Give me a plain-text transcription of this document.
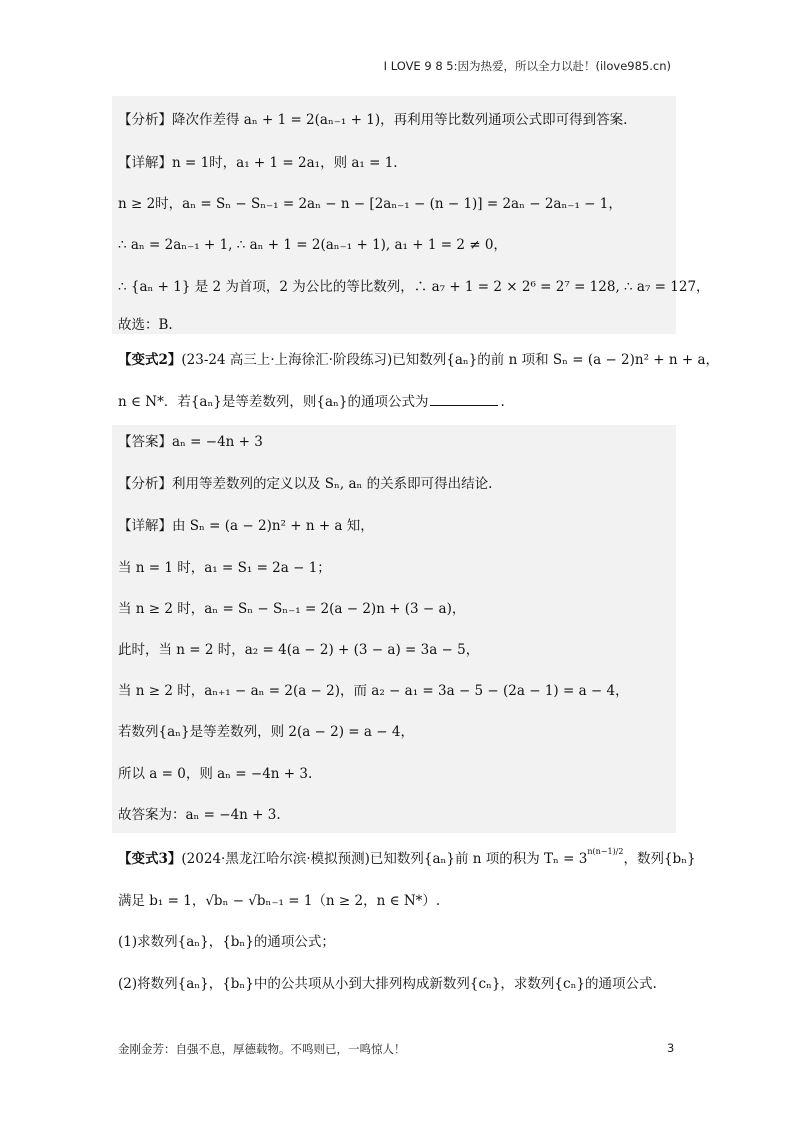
I LOVE 9 8 5:因为热爱，所以全力以赴！(ilove985.cn)
【分析】降次作差得 aₙ + 1 = 2(aₙ₋₁ + 1)，再利用等比数列通项公式即可得到答案.
【详解】n = 1时，a₁ + 1 = 2a₁，则 a₁ = 1.
n ≥ 2时，aₙ = Sₙ − Sₙ₋₁ = 2aₙ − n − [2aₙ₋₁ − (n − 1)] = 2aₙ − 2aₙ₋₁ − 1，
∴ aₙ = 2aₙ₋₁ + 1, ∴ aₙ + 1 = 2(aₙ₋₁ + 1), a₁ + 1 = 2 ≠ 0，
∴ {aₙ + 1} 是 2 为首项，2 为公比的等比数列，∴ a₇ + 1 = 2 × 2⁶ = 2⁷ = 128, ∴ a₇ = 127，
故选：B.
【变式2】(23-24 高三上·上海徐汇·阶段练习)已知数列{aₙ}的前 n 项和 Sₙ = (a − 2)n² + n + a，
n ∈ N*．若{aₙ}是等差数列，则{aₙ}的通项公式为	.
【答案】aₙ = −4n + 3
【分析】利用等差数列的定义以及 Sₙ, aₙ 的关系即可得出结论.
【详解】由 Sₙ = (a − 2)n² + n + a 知，
当 n = 1 时，a₁ = S₁ = 2a − 1；
当 n ≥ 2 时，aₙ = Sₙ − Sₙ₋₁ = 2(a − 2)n + (3 − a)，
此时，当 n = 2 时，a₂ = 4(a − 2) + (3 − a) = 3a − 5，
当 n ≥ 2 时，aₙ₊₁ − aₙ = 2(a − 2)，而 a₂ − a₁ = 3a − 5 − (2a − 1) = a − 4，
若数列{aₙ}是等差数列，则 2(a − 2) = a − 4，
所以 a = 0，则 aₙ = −4n + 3.
故答案为：aₙ = −4n + 3.
【变式3】(2024·黑龙江哈尔滨·模拟预测)已知数列{aₙ}前 n 项的积为 $T_n = 3^{n(n-1)/2}$，数列{bₙ}
满足 b₁ = 1，√bₙ − √bₙ₋₁ = 1（n ≥ 2，n ∈ N*）.
(1)求数列{aₙ}，{bₙ}的通项公式；
(2)将数列{aₙ}，{bₙ}中的公共项从小到大排列构成新数列{cₙ}，求数列{cₙ}的通项公式.
金刚金芳：自强不息，厚德载物。不鸣则已，一鸣惊人！	3
